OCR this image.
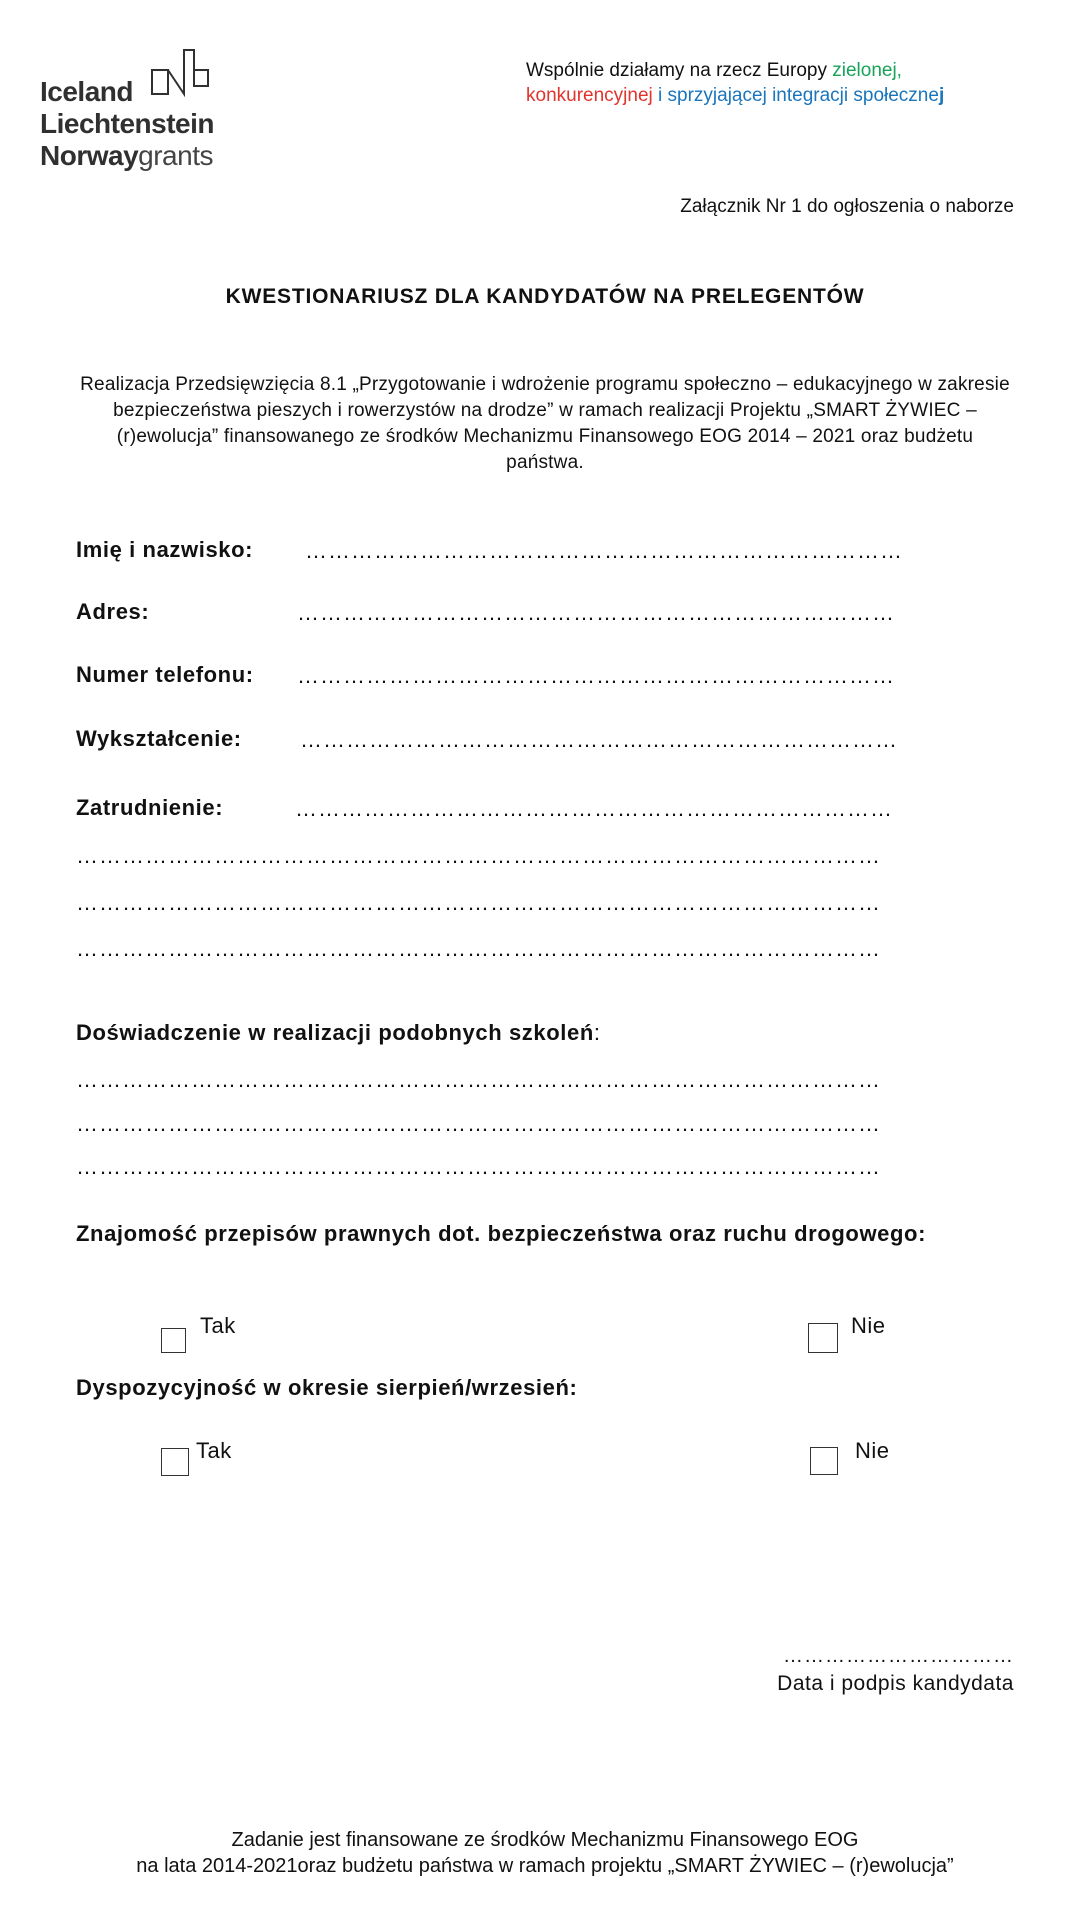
Iceland
Liechtenstein
Norwaygrants
Wspólnie działamy na rzecz Europy zielonej,
konkurencyjnej i sprzyjającej integracji społecznej
Załącznik Nr 1 do ogłoszenia o naborze
KWESTIONARIUSZ DLA KANDYDATÓW NA PRELEGENTÓW
Realizacja Przedsięwzięcia 8.1 „Przygotowanie i wdrożenie programu społeczno – edukacyjnego w zakresie bezpieczeństwa pieszych i rowerzystów na drodze” w ramach realizacji Projektu „SMART ŻYWIEC – (r)ewolucja” finansowanego ze środków Mechanizmu Finansowego EOG 2014 – 2021 oraz budżetu państwa.
Imię i nazwisko: ……………………………………………………………………
Adres:	……………………………………………………………………
Numer telefonu: ……………………………………………………………………
Wykształcenie:	……………………………………………………………………
Zatrudnienie:	……………………………………………………………………
……………………………………………………………………………………………
……………………………………………………………………………………………
……………………………………………………………………………………………
Doświadczenie w realizacji podobnych szkoleń:
……………………………………………………………………………………………
……………………………………………………………………………………………
……………………………………………………………………………………………
Znajomość przepisów prawnych dot. bezpieczeństwa oraz ruchu drogowego:
Tak	Nie
Dyspozycyjność w okresie sierpień/wrzesień:
Tak	Nie
……………………………
Data i podpis kandydata
Zadanie jest finansowane ze środków Mechanizmu Finansowego EOG
na lata 2014-2021oraz budżetu państwa w ramach projektu „SMART ŻYWIEC – (r)ewolucja”
